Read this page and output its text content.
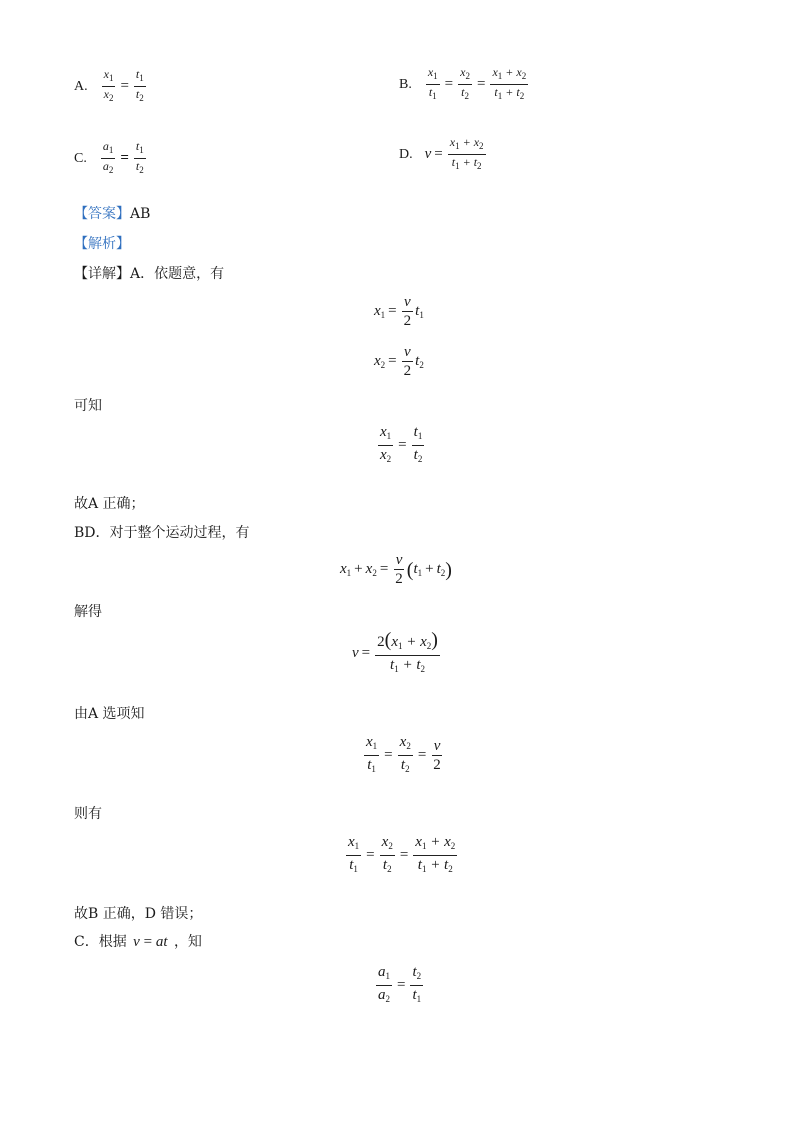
A. $\frac{x_1}{x_2} = \frac{t_1}{t_2}$	B. $\frac{x_1}{t_1} = \frac{x_2}{t_2} = \frac{x_1 + x_2}{t_1 + t_2}$
C. $\frac{a_1}{a_2} = \frac{t_1}{t_2}$	D. $v = \frac{x_1 + x_2}{t_1 + t_2}$
【答案】AB
【解析】
【详解】A．依题意，有
$x_1 = \frac{v}{2} t_1$
$x_2 = \frac{v}{2} t_2$
可知
$\frac{x_1}{x_2} = \frac{t_1}{t_2}$
故A 正确；
BD．对于整个运动过程，有
$x_1 + x_2 = \frac{v}{2}$ ( $t_1 + t_2$ )
解得
$v = \frac{2(x_1 + x_2)}{t_1 + t_2}$
由A 选项知
$\frac{x_1}{t_1} = \frac{x_2}{t_2} = \frac{v}{2}$
则有
$\frac{x_1}{t_1} = \frac{x_2}{t_2} = \frac{x_1 + x_2}{t_1 + t_2}$
故B 正确，D 错误；
C．根据 v = at ，知
$\frac{a_1}{a_2} = \frac{t_2}{t_1}$
